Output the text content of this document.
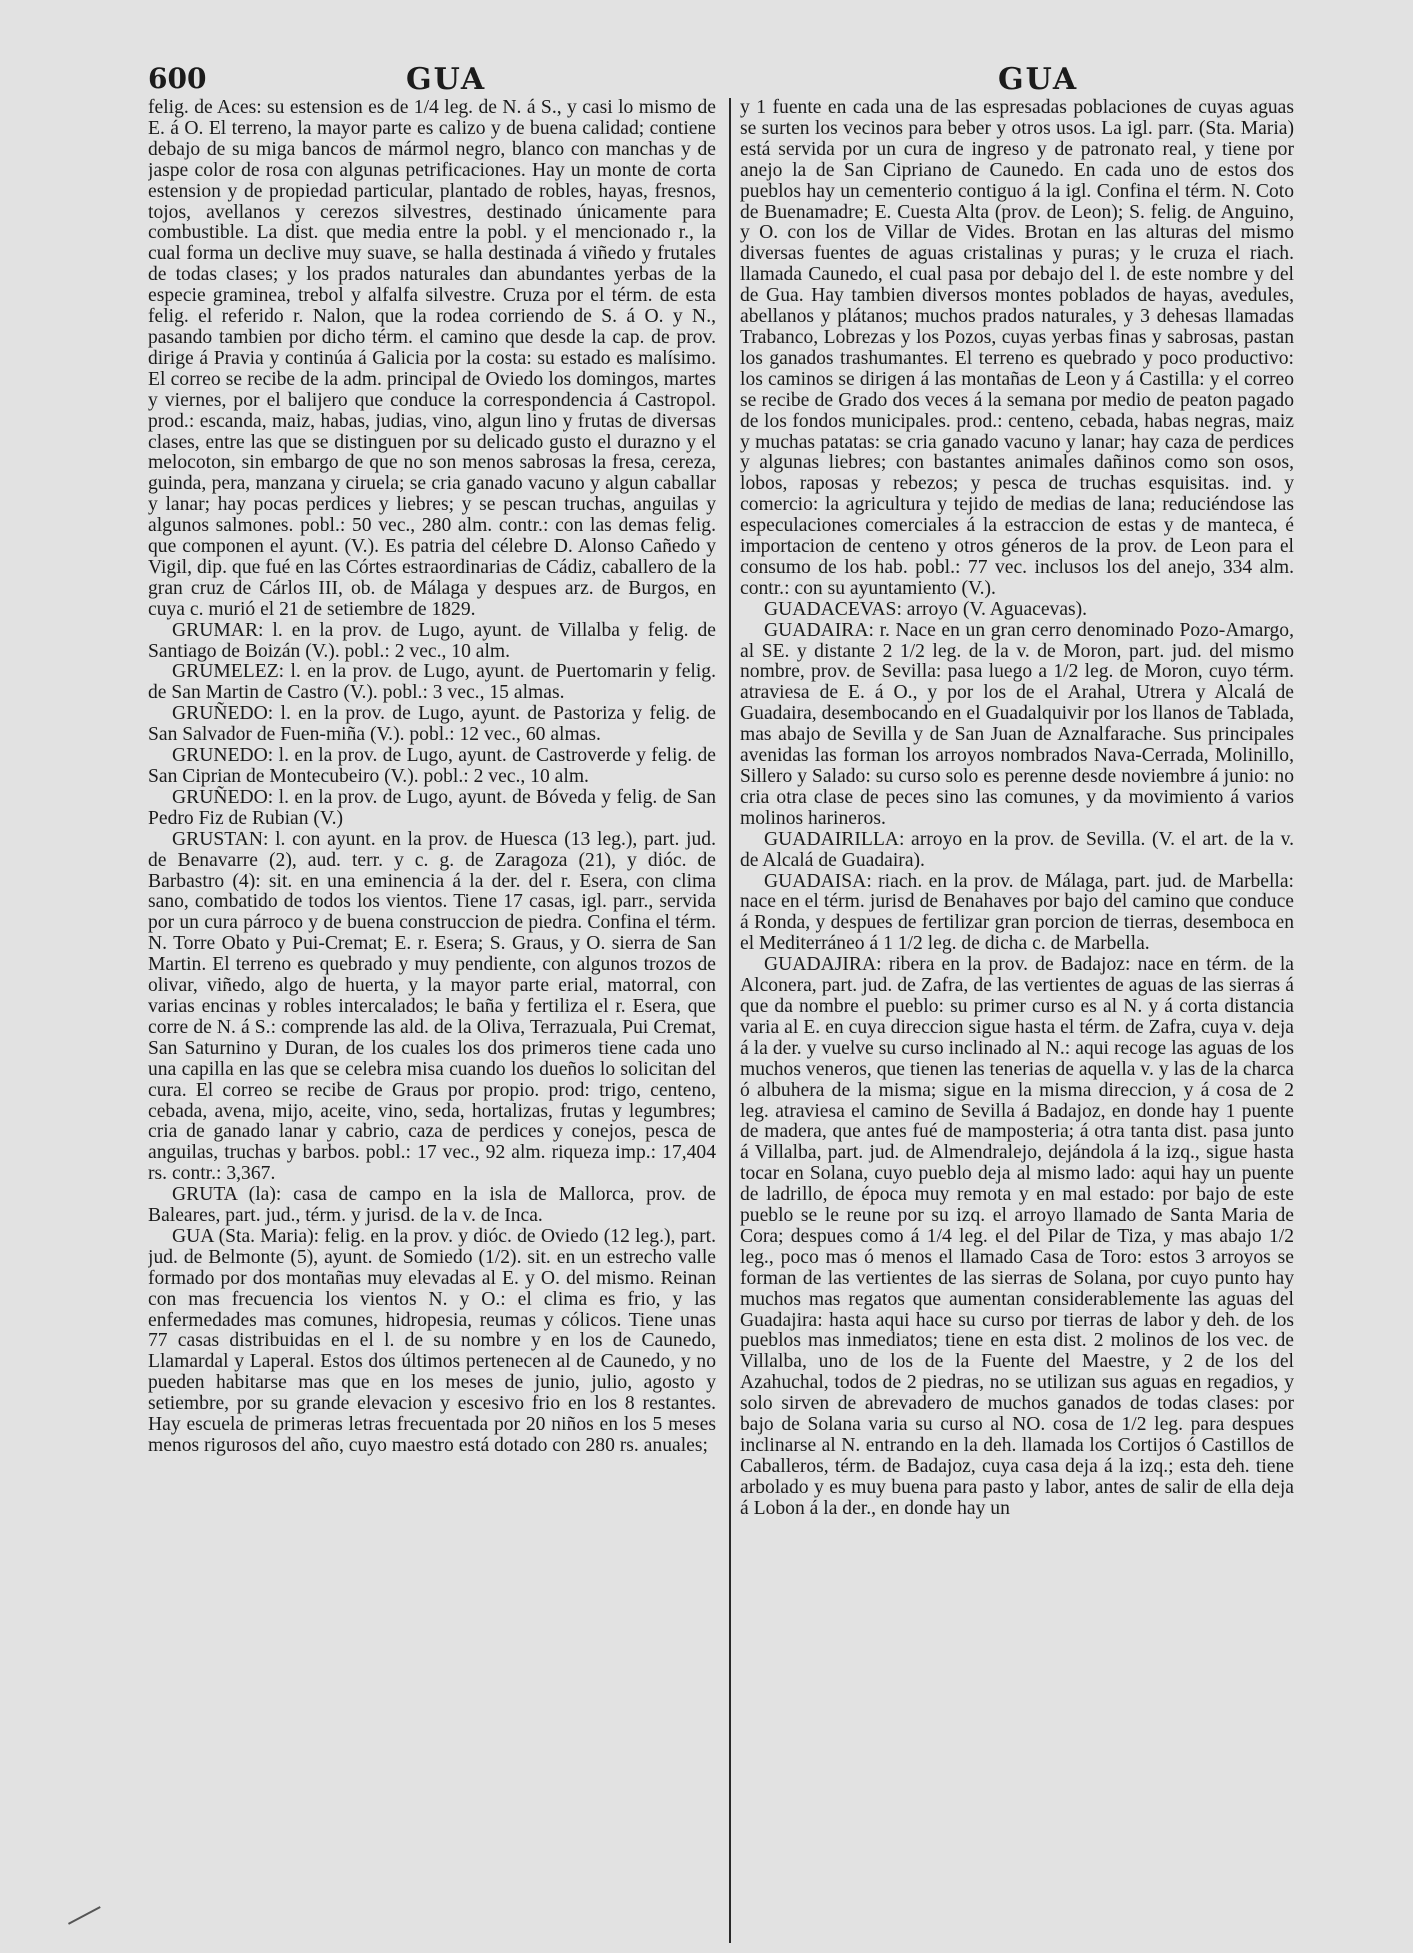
600	GUA	GUA

felig. de Aces: su estension es de 1/4 leg. de N. á S., y casi lo mismo de E. á O. El terreno, la mayor parte es calizo y de buena calidad; contiene debajo de su miga bancos de mármol negro, blanco con manchas y de jaspe color de rosa con algunas petrificaciones. Hay un monte de corta estension y de propiedad particular, plantado de robles, hayas, fresnos, tojos, avellanos y cerezos silvestres, destinado únicamente para combustible. La dist. que media entre la pobl. y el mencionado r., la cual forma un declive muy suave, se halla destinada á viñedo y frutales de todas clases; y los prados naturales dan abundantes yerbas de la especie graminea, trebol y alfalfa silvestre. Cruza por el térm. de esta felig. el referido r. Nalon, que la rodea corriendo de S. á O. y N., pasando tambien por dicho térm. el camino que desde la cap. de prov. dirige á Pravia y continúa á Galicia por la costa: su estado es malísimo. El correo se recibe de la adm. principal de Oviedo los domingos, martes y viernes, por el balijero que conduce la correspondencia á Castropol. prod.: escanda, maiz, habas, judias, vino, algun lino y frutas de diversas clases, entre las que se distinguen por su delicado gusto el durazno y el melocoton, sin embargo de que no son menos sabrosas la fresa, cereza, guinda, pera, manzana y ciruela; se cria ganado vacuno y algun caballar y lanar; hay pocas perdices y liebres; y se pescan truchas, anguilas y algunos salmones. pobl.: 50 vec., 280 alm. contr.: con las demas felig. que componen el ayunt. (V.). Es patria del célebre D. Alonso Cañedo y Vigil, dip. que fué en las Córtes estraordinarias de Cádiz, caballero de la gran cruz de Cárlos III, ob. de Málaga y despues arz. de Burgos, en cuya c. murió el 21 de setiembre de 1829.

GRUMAR: l. en la prov. de Lugo, ayunt. de Villalba y felig. de Santiago de Boizán (V.). pobl.: 2 vec., 10 alm.

GRUMELEZ: l. en la prov. de Lugo, ayunt. de Puertomarin y felig. de San Martin de Castro (V.). pobl.: 3 vec., 15 almas.

GRUÑEDO: l. en la prov. de Lugo, ayunt. de Pastoriza y felig. de San Salvador de Fuen-miña (V.). pobl.: 12 vec., 60 almas.

GRUNEDO: l. en la prov. de Lugo, ayunt. de Castroverde y felig. de San Ciprian de Montecubeiro (V.). pobl.: 2 vec., 10 alm.

GRUÑEDO: l. en la prov. de Lugo, ayunt. de Bóveda y felig. de San Pedro Fiz de Rubian (V.)

GRUSTAN: l. con ayunt. en la prov. de Huesca (13 leg.), part. jud. de Benavarre (2), aud. terr. y c. g. de Zaragoza (21), y dióc. de Barbastro (4): sit. en una eminencia á la der. del r. Esera, con clima sano, combatido de todos los vientos. Tiene 17 casas, igl. parr., servida por un cura párroco y de buena construccion de piedra. Confina el térm. N. Torre Obato y Pui-Cremat; E. r. Esera; S. Graus, y O. sierra de San Martin. El terreno es quebrado y muy pendiente, con algunos trozos de olivar, viñedo, algo de huerta, y la mayor parte erial, matorral, con varias encinas y robles intercalados; le baña y fertiliza el r. Esera, que corre de N. á S.: comprende las ald. de la Oliva, Terrazuala, Pui Cremat, San Saturnino y Duran, de los cuales los dos primeros tiene cada uno una capilla en las que se celebra misa cuando los dueños lo solicitan del cura. El correo se recibe de Graus por propio. prod: trigo, centeno, cebada, avena, mijo, aceite, vino, seda, hortalizas, frutas y legumbres; cria de ganado lanar y cabrio, caza de perdices y conejos, pesca de anguilas, truchas y barbos. pobl.: 17 vec., 92 alm. riqueza imp.: 17,404 rs. contr.: 3,367.

GRUTA (la): casa de campo en la isla de Mallorca, prov. de Baleares, part. jud., térm. y jurisd. de la v. de Inca.

GUA (Sta. Maria): felig. en la prov. y dióc. de Oviedo (12 leg.), part. jud. de Belmonte (5), ayunt. de Somiedo (1/2). sit. en un estrecho valle formado por dos montañas muy elevadas al E. y O. del mismo. Reinan con mas frecuencia los vientos N. y O.: el clima es frio, y las enfermedades mas comunes, hidropesia, reumas y cólicos. Tiene unas 77 casas distribuidas en el l. de su nombre y en los de Caunedo, Llamardal y Laperal. Estos dos últimos pertenecen al de Caunedo, y no pueden habitarse mas que en los meses de junio, julio, agosto y setiembre, por su grande elevacion y escesivo frio en los 8 restantes. Hay escuela de primeras letras frecuentada por 20 niños en los 5 meses menos rigurosos del año, cuyo maestro está dotado con 280 rs. anuales;

y 1 fuente en cada una de las espresadas poblaciones de cuyas aguas se surten los vecinos para beber y otros usos. La igl. parr. (Sta. Maria) está servida por un cura de ingreso y de patronato real, y tiene por anejo la de San Cipriano de Caunedo. En cada uno de estos dos pueblos hay un cementerio contiguo á la igl. Confina el térm. N. Coto de Buenamadre; E. Cuesta Alta (prov. de Leon); S. felig. de Anguino, y O. con los de Villar de Vides. Brotan en las alturas del mismo diversas fuentes de aguas cristalinas y puras; y le cruza el riach. llamada Caunedo, el cual pasa por debajo del l. de este nombre y del de Gua. Hay tambien diversos montes poblados de hayas, avedules, abellanos y plátanos; muchos prados naturales, y 3 dehesas llamadas Trabanco, Lobrezas y los Pozos, cuyas yerbas finas y sabrosas, pastan los ganados trashumantes. El terreno es quebrado y poco productivo: los caminos se dirigen á las montañas de Leon y á Castilla: y el correo se recibe de Grado dos veces á la semana por medio de peaton pagado de los fondos municipales. prod.: centeno, cebada, habas negras, maiz y muchas patatas: se cria ganado vacuno y lanar; hay caza de perdices y algunas liebres; con bastantes animales dañinos como son osos, lobos, raposas y rebezos; y pesca de truchas esquisitas. ind. y comercio: la agricultura y tejido de medias de lana; reduciéndose las especulaciones comerciales á la estraccion de estas y de manteca, é importacion de centeno y otros géneros de la prov. de Leon para el consumo de los hab. pobl.: 77 vec. inclusos los del anejo, 334 alm. contr.: con su ayuntamiento (V.).

GUADACEVAS: arroyo (V. Aguacevas).

GUADAIRA: r. Nace en un gran cerro denominado Pozo-Amargo, al SE. y distante 2 1/2 leg. de la v. de Moron, part. jud. del mismo nombre, prov. de Sevilla: pasa luego a 1/2 leg. de Moron, cuyo térm. atraviesa de E. á O., y por los de el Arahal, Utrera y Alcalá de Guadaira, desembocando en el Guadalquivir por los llanos de Tablada, mas abajo de Sevilla y de San Juan de Aznalfarache. Sus principales avenidas las forman los arroyos nombrados Nava-Cerrada, Molinillo, Sillero y Salado: su curso solo es perenne desde noviembre á junio: no cria otra clase de peces sino las comunes, y da movimiento á varios molinos harineros.

GUADAIRILLA: arroyo en la prov. de Sevilla. (V. el art. de la v. de Alcalá de Guadaira).

GUADAISA: riach. en la prov. de Málaga, part. jud. de Marbella: nace en el térm. jurisd de Benahaves por bajo del camino que conduce á Ronda, y despues de fertilizar gran porcion de tierras, desemboca en el Mediterráneo á 1 1/2 leg. de dicha c. de Marbella.

GUADAJIRA: ribera en la prov. de Badajoz: nace en térm. de la Alconera, part. jud. de Zafra, de las vertientes de aguas de las sierras á que da nombre el pueblo: su primer curso es al N. y á corta distancia varia al E. en cuya direccion sigue hasta el térm. de Zafra, cuya v. deja á la der. y vuelve su curso inclinado al N.: aqui recoge las aguas de los muchos veneros, que tienen las tenerias de aquella v. y las de la charca ó albuhera de la misma; sigue en la misma direccion, y á cosa de 2 leg. atraviesa el camino de Sevilla á Badajoz, en donde hay 1 puente de madera, que antes fué de mamposteria; á otra tanta dist. pasa junto á Villalba, part. jud. de Almendralejo, dejándola á la izq., sigue hasta tocar en Solana, cuyo pueblo deja al mismo lado: aqui hay un puente de ladrillo, de época muy remota y en mal estado: por bajo de este pueblo se le reune por su izq. el arroyo llamado de Santa Maria de Cora; despues como á 1/4 leg. el del Pilar de Tiza, y mas abajo 1/2 leg., poco mas ó menos el llamado Casa de Toro: estos 3 arroyos se forman de las vertientes de las sierras de Solana, por cuyo punto hay muchos mas regatos que aumentan considerablemente las aguas del Guadajira: hasta aqui hace su curso por tierras de labor y deh. de los pueblos mas inmediatos; tiene en esta dist. 2 molinos de los vec. de Villalba, uno de los de la Fuente del Maestre, y 2 de los del Azahuchal, todos de 2 piedras, no se utilizan sus aguas en regadios, y solo sirven de abrevadero de muchos ganados de todas clases: por bajo de Solana varia su curso al NO. cosa de 1/2 leg. para despues inclinarse al N. entrando en la deh. llamada los Cortijos ó Castillos de Caballeros, térm. de Badajoz, cuya casa deja á la izq.; esta deh. tiene arbolado y es muy buena para pasto y labor, antes de salir de ella deja á Lobon á la der., en donde hay un
